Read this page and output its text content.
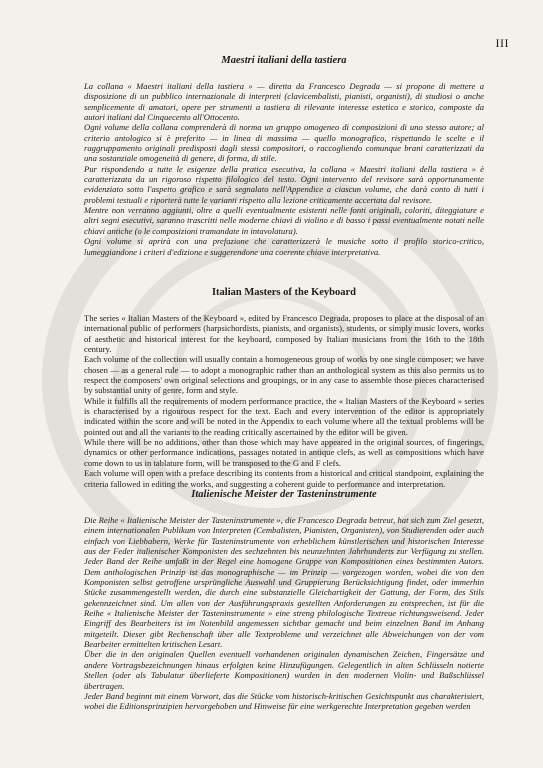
III
Maestri italiani della tastiera

La collana « Maestri italiani della tastiera » — diretta da Francesco Degrada — si propone di mettere a disposizione di un pubblico internazionale di interpreti (clavicembalisti, pianisti, organisti), di studiosi o anche semplicemente di amatori, opere per strumenti a tastiera di rilevante interesse estetico e storico, composte da autori italiani dal Cinquecento all'Ottocento.

Ogni volume della collana comprenderà di norma un gruppo omogeneo di composizioni di uno stesso autore; al criterio antologico si è preferito — in linea di massima — quello monografico, rispettando le scelte e il raggruppamento originali predisposti dagli stessi compositori, o raccogliendo comunque brani caratterizzati da una sostanziale omogeneità di genere, di forma, di stile.

Pur rispondendo a tutte le esigenze della pratica esecutiva, la collana « Maestri italiani della tastiera » è caratterizzata da un rigoroso rispetto filologico del testo. Ogni intervento del revisore sarà opportunamente evidenziato sotto l'aspetto grafico e sarà segnalato nell'Appendice a ciascun volume, che darà conto di tutti i problemi testuali e riporterà tutte le varianti rispetto alla lezione criticamente accertata dal revisore.

Mentre non verranno aggiunti, oltre a quelli eventualmente esistenti nelle fonti originali, coloriti, diteggiature e altri segni esecutivi, saranno trascritti nelle moderne chiavi di violino e di basso i passi eventualmente notati nelle chiavi antiche (o le composizioni tramandate in intavolatura).

Ogni volume si aprirà con una prefazione che caratterizzerà le musiche sotto il profilo storico-critico, lumeggiandone i criteri d'edizione e suggerendone una coerente chiave interpretativa.

Italian Masters of the Keyboard

The series « Italian Masters of the Keyboard », edited by Francesco Degrada, proposes to place at the disposal of an international public of performers (harpsichordists, pianists, and organists), students, or simply music lovers, works of aesthetic and historical interest for the keyboard, composed by Italian musicians from the 16th to the 18th century.

Each volume of the collection will usually contain a homogeneous group of works by one single composer; we have chosen — as a general rule — to adopt a monographic rather than an anthological system as this also permits us to respect the composers' own original selections and groupings, or in any case to assemble those pieces characterised by substantial unity of genre, form and style.

While it fulfills all the requirements of modern performance practice, the « Italian Masters of the Keyboard » series is characterised by a rigourous respect for the text. Each and every intervention of the editor is appropriately indicated within the score and will be noted in the Appendix to each volume where all the textual problems will be pointed out and all the variants to the reading critically ascertained by the editor will be given.

While there will be no additions, other than those which may have appeared in the original sources, of fingerings, dynamics or other performance indications, passages notated in antique clefs, as well as compositions which have come down to us in tablature form, will be transposed to the G and F clefs.

Each volume will open with a preface describing its contents from a historical and critical standpoint, explaining the criteria fallowed in editing the works, and suggesting a coherent guide to performance and interpretation.

Italienische Meister der Tasteninstrumente

Die Reihe « Italienische Meister der Tasteninstrumente », die Francesco Degrada betreut, hat sich zum Ziel gesetzt, einem internationalen Publikum von Interpreten (Cembalisten, Pianisten, Organisten), von Studierenden oder auch einfach von Liebhabern, Werke für Tasteninstrumente von erheblichem künstlerischen und historischen Interesse aus der Feder italienischer Komponisten des sechzehnten bis neunzehnten Jahrhunderts zur Verfügung zu stellen. Jeder Band der Reihe umfaßt in der Regel eine homogene Gruppe von Kompositionen eines bestimmten Autors. Dem anthologischen Prinzip ist das monographische — im Prinzip — vorgezogen worden, wobei die von den Komponisten selbst getroffene ursprüngliche Auswahl und Gruppierung Berücksichtigung findet, oder immerhin Stücke zusammengestellt werden, die durch eine substanzielle Gleichartigkeit der Gattung, der Form, des Stils gekennzeichnet sind. Um allen von der Ausführungspraxis gestellten Anforderungen zu entsprechen, ist für die Reihe « Italienische Meister der Tasteninstrumente » eine streng philologische Textreue richtungsweisend. Jeder Eingriff des Bearbeiters ist im Notenbild angemessen sichtbar gemacht und beim einzelnen Band im Anhang mitgeteilt. Dieser gibt Rechenschaft über alle Textprobleme und verzeichnet alle Abweichungen von der vom Bearbeiter ermittelten kritischen Lesart.

Über die in den originalen Quellen eventuell vorhandenen originalen dynamischen Zeichen, Fingersätze und andere Vortragsbezeichnungen hinaus erfolgten keine Hinzufügungen. Gelegentlich in alten Schlüsseln notierte Stellen (oder als Tabulatur überlieferte Kompositionen) wurden in den modernen Violin- und Baßschlüssel übertragen.

Jeder Band beginnt mit einem Vorwort, das die Stücke vom historisch-kritischen Gesichtspunkt aus charakterisiert, wobei die Editionsprinzipien hervorgehoben und Hinweise für eine werkgerechte Interpretation gegeben werden
